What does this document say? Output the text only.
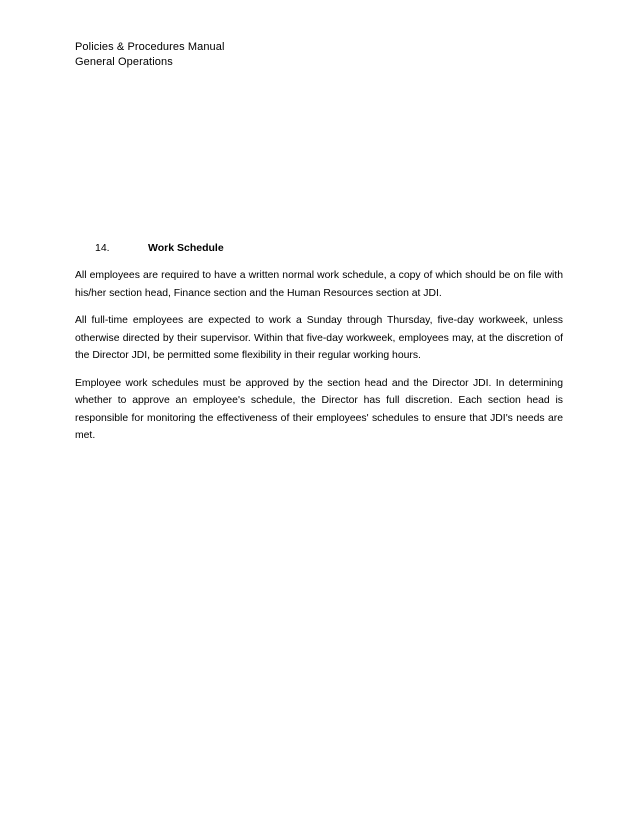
Policies & Procedures Manual
General Operations
14.	Work Schedule

All employees are required to have a written normal work schedule, a copy of which should be on file with his/her section head, Finance section and the Human Resources section at JDI.

All full-time employees are expected to work a Sunday through Thursday, five-day workweek, unless otherwise directed by their supervisor. Within that five-day workweek, employees may, at the discretion of the Director JDI, be permitted some flexibility in their regular working hours.

Employee work schedules must be approved by the section head and the Director JDI. In determining whether to approve an employee's schedule, the Director has full discretion. Each section head is responsible for monitoring the effectiveness of their employees' schedules to ensure that JDI's needs are met.
